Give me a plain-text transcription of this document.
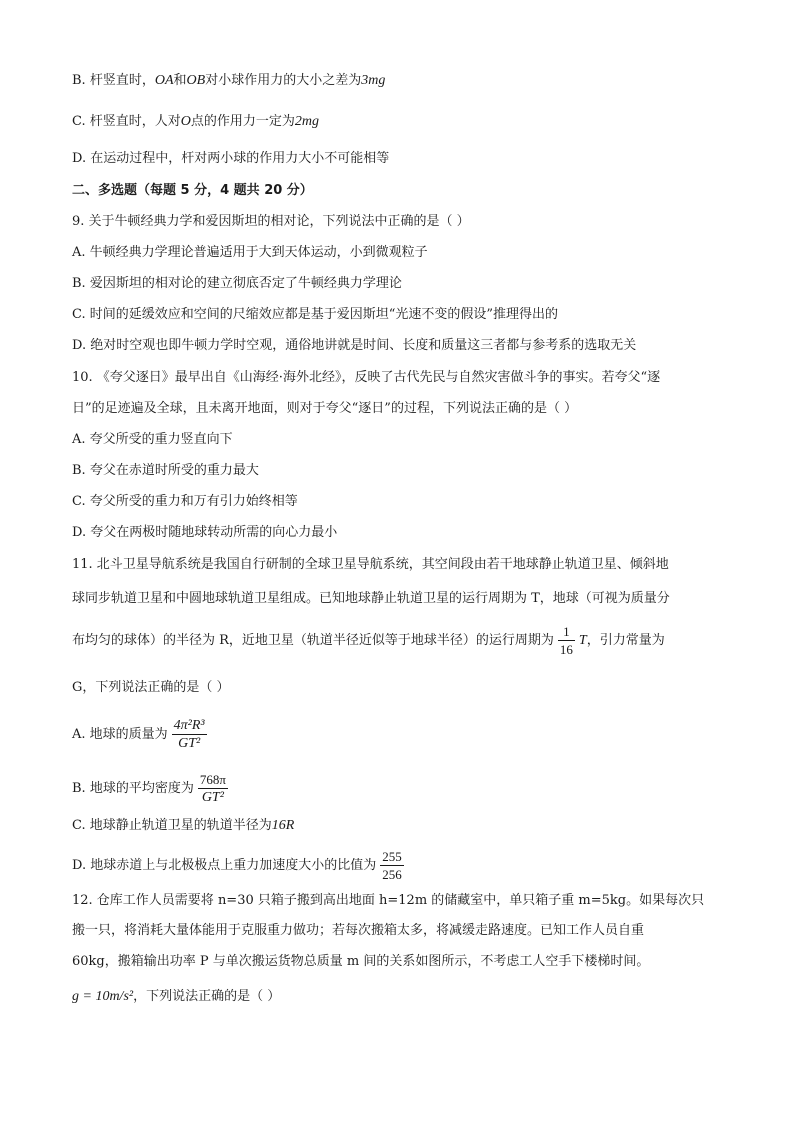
B. 杆竖直时，OA和OB对小球作用力的大小之差为3mg
C. 杆竖直时，人对O点的作用力一定为2mg
D. 在运动过程中，杆对两小球的作用力大小不可能相等
二、多选题（每题 5 分，4 题共 20 分）
9. 关于牛顿经典力学和爱因斯坦的相对论，下列说法中正确的是（ ）
A. 牛顿经典力学理论普遍适用于大到天体运动，小到微观粒子
B. 爱因斯坦的相对论的建立彻底否定了牛顿经典力学理论
C. 时间的延缓效应和空间的尺缩效应都是基于爱因斯坦“光速不变的假设”推理得出的
D. 绝对时空观也即牛顿力学时空观，通俗地讲就是时间、长度和质量这三者都与参考系的选取无关
10. 《夸父逐日》最早出自《山海经·海外北经》，反映了古代先民与自然灾害做斗争的事实。若夸父“逐
日”的足迹遍及全球，且未离开地面，则对于夸父“逐日”的过程，下列说法正确的是（ ）
A. 夸父所受的重力竖直向下
B. 夸父在赤道时所受的重力最大
C. 夸父所受的重力和万有引力始终相等
D. 夸父在两极时随地球转动所需的向心力最小
11. 北斗卫星导航系统是我国自行研制的全球卫星导航系统，其空间段由若干地球静止轨道卫星、倾斜地
球同步轨道卫星和中圆地球轨道卫星组成。已知地球静止轨道卫星的运行周期为 T，地球（可视为质量分
布均匀的球体）的半径为 R，近地卫星（轨道半径近似等于地球半径）的运行周期为 $\frac{1}{16}$ T，引力常量为
G，下列说法正确的是（ ）
A. 地球的质量为 $\frac{\text{4π²R³}}{\text{GT²}}$
B. 地球的平均密度为 $\frac{768\pi}{\text{GT²}}$
C. 地球静止轨道卫星的轨道半径为16R
D. 地球赤道上与北极极点上重力加速度大小的比值为 $\frac{255}{256}$
12. 仓库工作人员需要将 n=30 只箱子搬到高出地面 h=12m 的储藏室中，单只箱子重 m=5kg。如果每次只
搬一只，将消耗大量体能用于克服重力做功；若每次搬箱太多，将减缓走路速度。已知工作人员自重
60kg，搬箱输出功率 P 与单次搬运货物总质量 m 间的关系如图所示，不考虑工人空手下楼梯时间。
g = 10m/s²，下列说法正确的是（ ）
